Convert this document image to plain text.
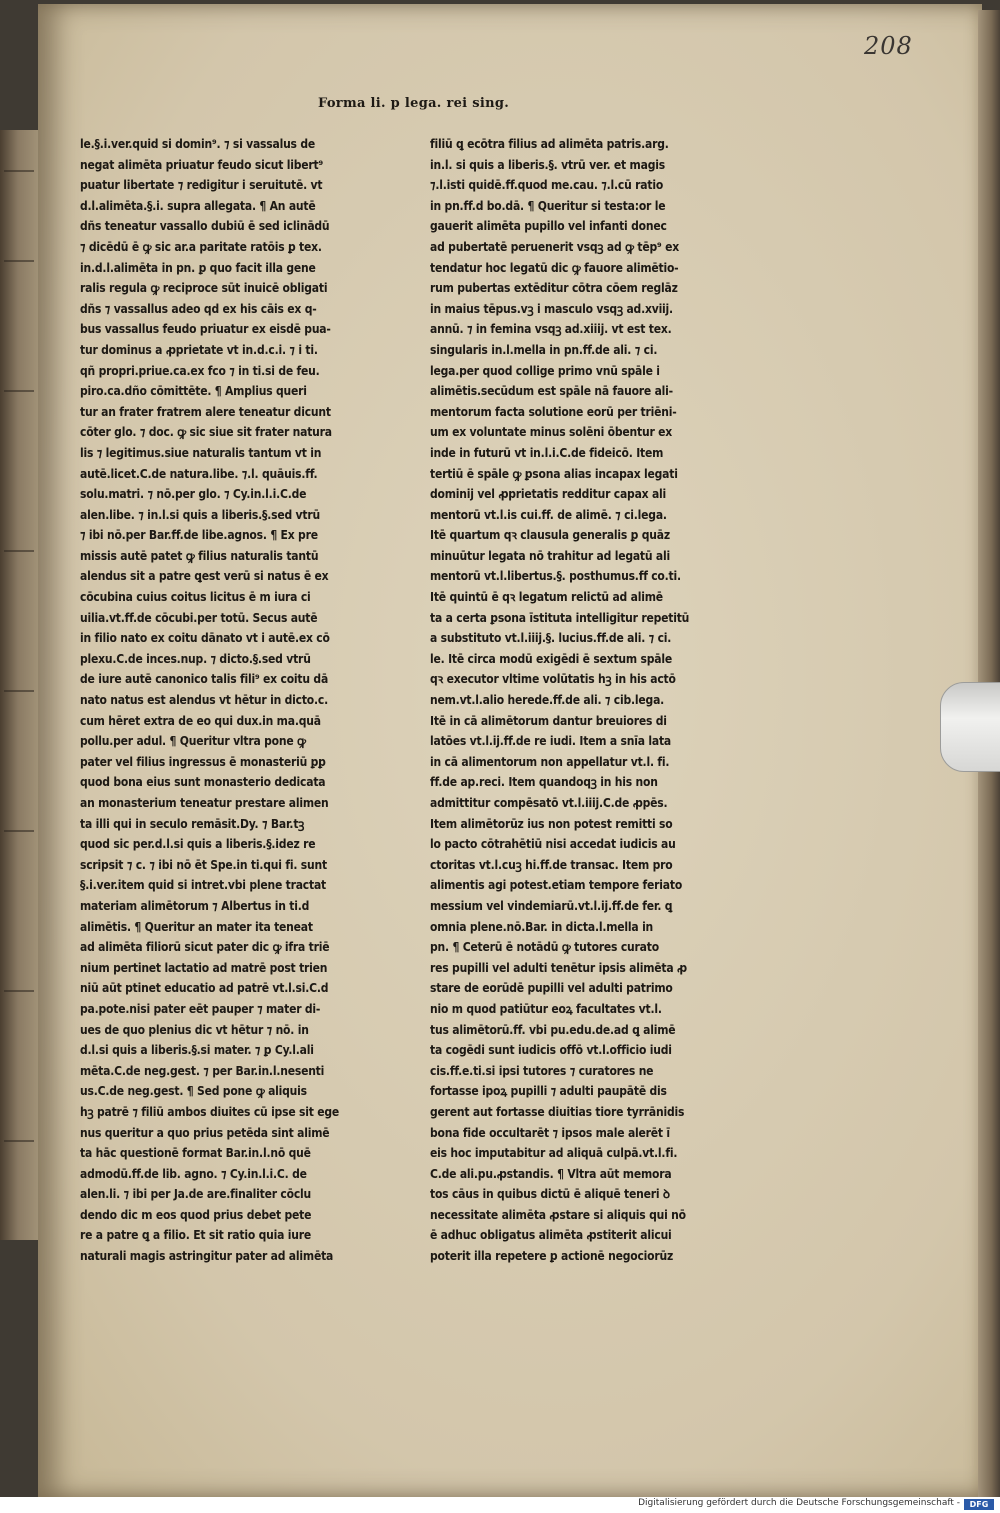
208
Forma li. p lega. rei sing.
le.§.i.ver.quid si domin⁹. ⁊ si vassalus de
negat alimēta priuatur feudo sicut libert⁹
puatur libertate ⁊ redigitur i seruitutē. vt
d.l.alimēta.§.i. supra allegata. ¶ An autē
dñs teneatur vassallo dubiū ē sed iclinādū
⁊ dicēdū ē ꝙ sic ar.a paritate ratōis ꝑ tex.
in.d.l.alimēta in pn. ꝑ quo facit illa gene
ralis regula ꝙ reciproce sūt inuicē obligati
dñs ⁊ vassallus adeo qd ex his cāis ex q-
bus vassallus feudo priuatur ex eisdē pua-
tur dominus a ꝓprietate vt in.d.c.i. ⁊ i ti.
qñ propri.priue.ca.ex fco ⁊ in ti.si de feu.
piro.ca.dño cōmittēte. ¶ Amplius queri
tur an frater fratrem alere teneatur dicunt
cōter glo. ⁊ doc. ꝙ sic siue sit frater natura
lis ⁊ legitimus.siue naturalis tantum vt in
autē.licet.C.de natura.libe. ⁊.l. quāuis.ff.
solu.matri. ⁊ nō.per glo. ⁊ Cy.in.l.i.C.de
alen.libe. ⁊ in.l.si quis a liberis.§.sed vtrū
⁊ ibi nō.per Bar.ff.de libe.agnos. ¶ Ex pre
missis autē patet ꝙ filius naturalis tantū
alendus sit a patre ꝗest verū si natus ē ex
cōcubina cuius coitus licitus ē m iura ci
uilia.vt.ff.de cōcubi.per totū. Secus autē
in filio nato ex coitu dānato vt i autē.ex cō
plexu.C.de inces.nup. ⁊ dicto.§.sed vtrū
de iure autē canonico talis fili⁹ ex coitu dā
nato natus est alendus vt hētur in dicto.c.
cum hēret extra de eo qui dux.in ma.quā
pollu.per adul. ¶ Queritur vltra pone ꝙ
pater vel filius ingressus ē monasteriū ꝑꝑ
quod bona eius sunt monasterio dedicata
an monasterium teneatur prestare alimen
ta illi qui in seculo remāsit.Dy. ⁊ Bar.tꝫ
quod sic per.d.l.si quis a liberis.§.idez re
scripsit ⁊ c. ⁊ ibi nō ēt Spe.in ti.qui fi. sunt
§.i.ver.item quid si intret.vbi plene tractat
materiam alimētorum ⁊ Albertus in ti.d
alimētis. ¶ Queritur an mater ita teneat
ad alimēta filiorū sicut pater dic ꝙ ifra triē
nium pertinet lactatio ad matrē post trien
niū aūt ptinet educatio ad patrē vt.l.si.C.d
pa.pote.nisi pater eēt pauper ⁊ mater di-
ues de quo plenius dic vt hētur ⁊ nō. in
d.l.si quis a liberis.§.si mater. ⁊ ꝑ Cy.l.ali
mēta.C.de neg.gest. ⁊ per Bar.in.l.nesenti
us.C.de neg.gest. ¶ Sed pone ꝙ aliquis
hꝫ patrē ⁊ filiū ambos diuites cū ipse sit ege
nus queritur a quo prius petēda sint alimē
ta hāc questionē format Bar.in.l.nō quē
admodū.ff.de lib. agno. ⁊ Cy.in.l.i.C. de
alen.li. ⁊ ibi per Ja.de are.finaliter cōclu
dendo dic m eos quod prius debet pete
re a patre ꝗ a filio. Et sit ratio quia iure
naturali magis astringitur pater ad alimēta
filiū ꝗ ecōtra filius ad alimēta patris.arg.
in.l. si quis a liberis.§. vtrū ver. et magis
⁊.l.isti quidē.ff.quod me.cau. ⁊.l.cū ratio
in pn.ff.d bo.dā. ¶ Queritur si testa:or le
gauerit alimēta pupillo vel infanti donec
ad pubertatē peruenerit vsqꝫ ad ꝙ tēp⁹ ex
tendatur hoc legatū dic ꝙ fauore alimētio-
rum pubertas extēditur cōtra cōem reglāz
in maius tēpus.vꝫ i masculo vsqꝫ ad.xviij.
annū. ⁊ in femina vsqꝫ ad.xiiij. vt est tex.
singularis in.l.mella in pn.ff.de ali. ⁊ ci.
lega.per quod collige primo vnū spāle i
alimētis.secūdum est spāle nā fauore ali-
mentorum facta solutione eorū per triēni-
um ex voluntate minus solēni ōbentur ex
inde in futurū vt in.l.i.C.de fideicō. Item
tertiū ē spāle ꝙ ꝑsona alias incapax legati
dominij vel ꝓprietatis redditur capax ali
mentorū vt.l.is cui.ff. de alimē. ⁊ ci.lega.
Itē quartum qꝛ clausula generalis ꝑ quāz
minuūtur legata nō trahitur ad legatū ali
mentorū vt.l.libertus.§. posthumus.ff co.ti.
Itē quintū ē qꝛ legatum relictū ad alimē
ta a certa ꝑsona īstituta intelligitur repetitū
a substituto vt.l.iiij.§. lucius.ff.de ali. ⁊ ci.
le. Itē circa modū exigēdi ē sextum spāle
qꝛ executor vltime volūtatis hꝫ in his actō
nem.vt.l.alio herede.ff.de ali. ⁊ cib.lega.
Itē in cā alimētorum dantur breuiores di
latōes vt.l.ij.ff.de re iudi. Item a snīa lata
in cā alimentorum non appellatur vt.l. fi.
ff.de ap.reci. Item quandoqꝫ in his non
admittitur compēsatō vt.l.iiij.C.de ꝓpēs.
Item alimētorūz ius non potest remitti so
lo pacto cōtrahētiū nisi accedat iudicis au
ctoritas vt.l.cuꝫ hi.ff.de transac. Item pro
alimentis agi potest.etiam tempore feriato
messium vel vindemiarū.vt.l.ij.ff.de fer. ꝗ
omnia plene.nō.Bar. in dicta.l.mella in
pn. ¶ Ceterū ē notādū ꝙ tutores curato
res pupilli vel adulti tenētur ipsis alimēta ꝓ
stare de eorūdē pupilli vel adulti patrimo
nio m quod patiūtur eoꝝ facultates vt.l.
tus alimētorū.ff. vbi pu.edu.de.ad ꝗ alimē
ta cogēdi sunt iudicis offō vt.l.officio iudi
cis.ff.e.ti.si ipsi tutores ⁊ curatores ne
fortasse ipoꝝ pupilli ⁊ adulti paupātē dis
gerent aut fortasse diuitias tiore tyrrānidis
bona fide occultarēt ⁊ ipsos male alerēt ī
eis hoc imputabitur ad aliquā culpā.vt.l.fi.
C.de ali.pu.ꝓstandis. ¶ Vltra aūt memora
tos cāus in quibus dictū ē aliquē teneri ꝺ
necessitate alimēta ꝓstare si aliquis qui nō
ē adhuc obligatus alimēta ꝓstiterit alicui
poterit illa repetere ꝑ actionē negociorūz
Digitalisierung gefördert durch die Deutsche Forschungsgemeinschaft -	DFG
